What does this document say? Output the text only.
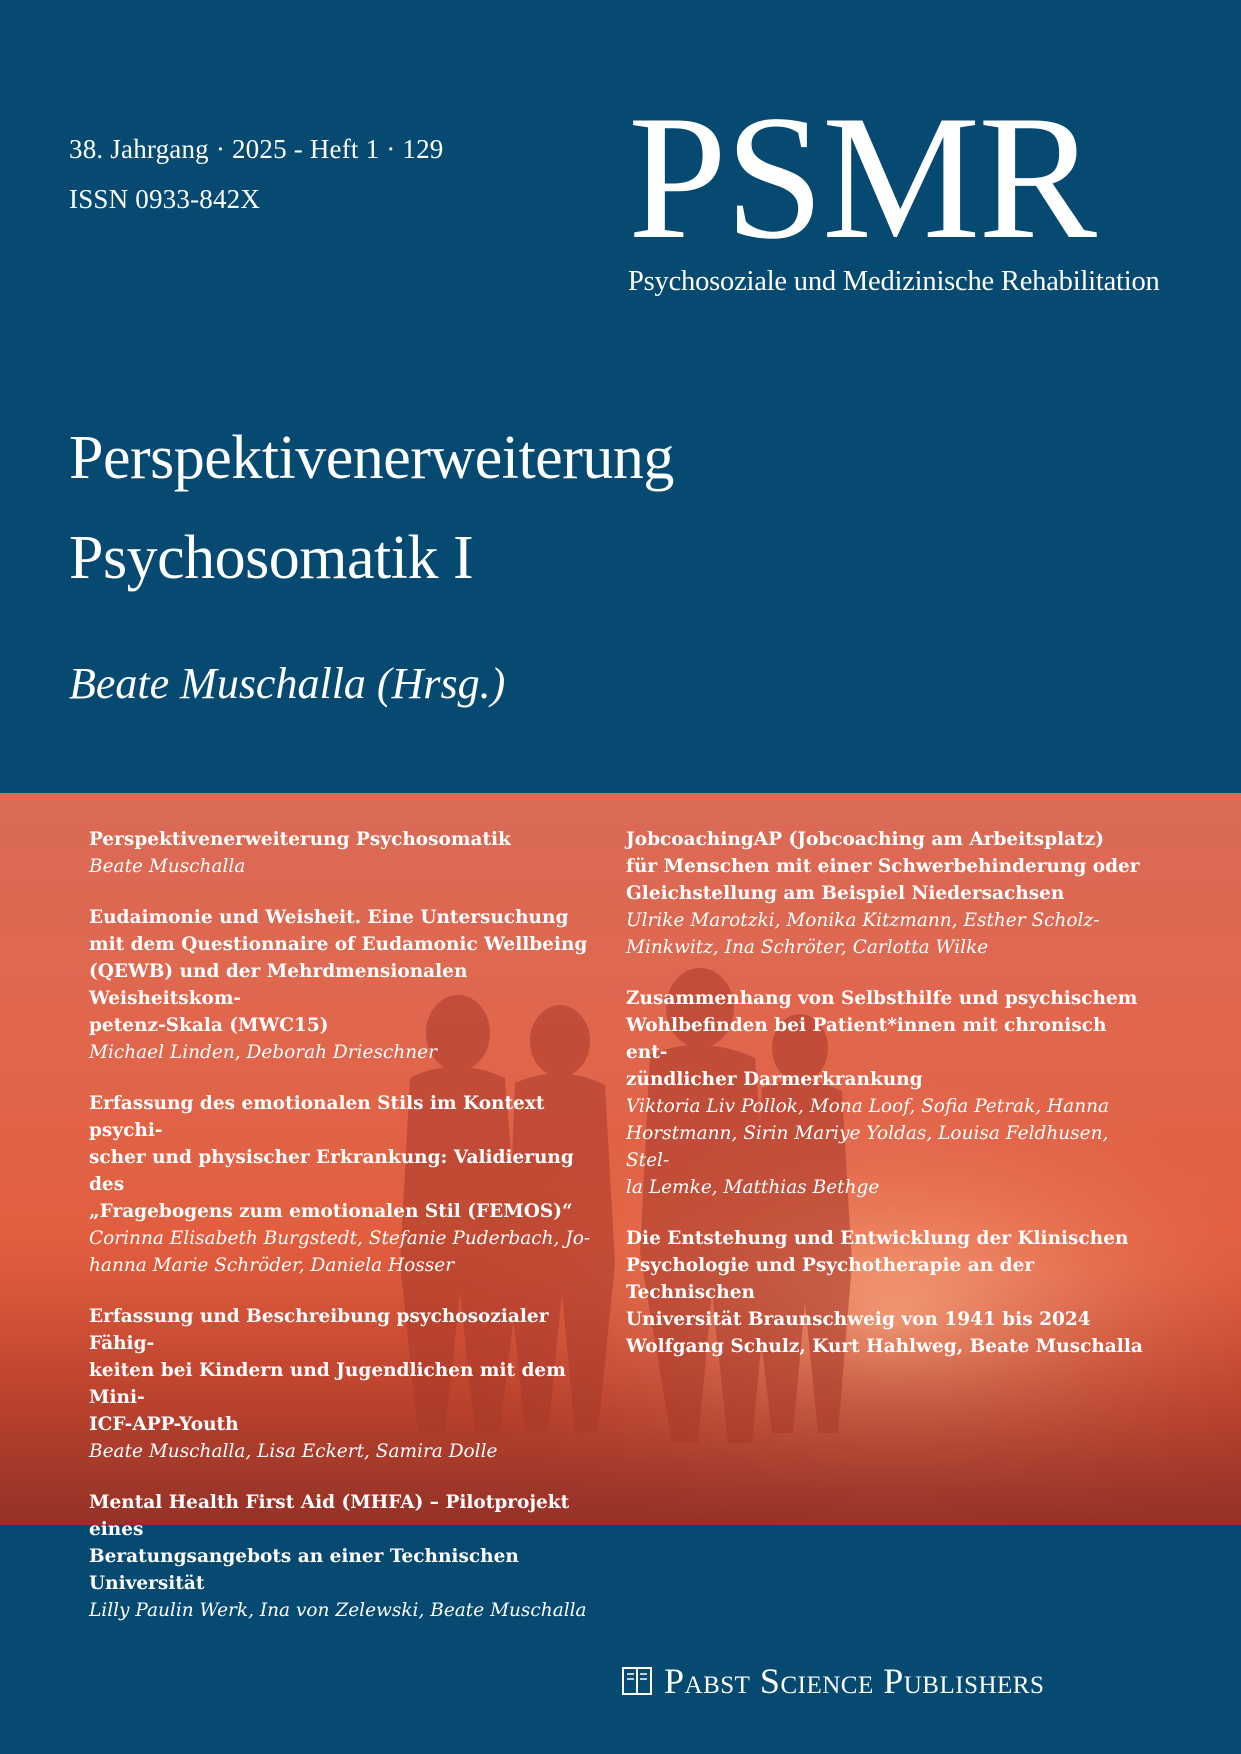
38. Jahrgang · 2025 - Heft 1 · 129
ISSN 0933-842X	PSMR
Psychosoziale und Medizinische Rehabilitation
Perspektivenerweiterung
Psychosomatik I
Beate Muschalla (Hrsg.)
Perspektivenerweiterung Psychosomatik
Beate Muschalla
Eudaimonie und Weisheit. Eine Untersuchung
mit dem Questionnaire of Eudamonic Wellbeing
(QEWB) und der Mehrdmensionalen Weisheitskom-
petenz-Skala (MWC15)
Michael Linden, Deborah Drieschner
Erfassung des emotionalen Stils im Kontext psychi-
scher und physischer Erkrankung: Validierung des
„Fragebogens zum emotionalen Stil (FEMOS)“
Corinna Elisabeth Burgstedt, Stefanie Puderbach, Jo-
hanna Marie Schröder, Daniela Hosser
Erfassung und Beschreibung psychosozialer Fähig-
keiten bei Kindern und Jugendlichen mit dem Mini-
ICF-APP-Youth
Beate Muschalla, Lisa Eckert, Samira Dolle
Mental Health First Aid (MHFA) – Pilotprojekt eines
Beratungsangebots an einer Technischen Universität
Lilly Paulin Werk, Ina von Zelewski, Beate Muschalla
JobcoachingAP (Jobcoaching am Arbeitsplatz)
für Menschen mit einer Schwerbehinderung oder
Gleichstellung am Beispiel Niedersachsen
Ulrike Marotzki, Monika Kitzmann, Esther Scholz-
Minkwitz, Ina Schröter, Carlotta Wilke
Zusammenhang von Selbsthilfe und psychischem
Wohlbefinden bei Patient*innen mit chronisch ent-
zündlicher Darmerkrankung
Viktoria Liv Pollok, Mona Loof, Sofia Petrak, Hanna
Horstmann, Sirin Mariye Yoldas, Louisa Feldhusen, Stel-
la Lemke, Matthias Bethge
Die Entstehung und Entwicklung der Klinischen
Psychologie und Psychotherapie an der Technischen
Universität Braunschweig von 1941 bis 2024
Wolfgang Schulz, Kurt Hahlweg, Beate Muschalla
Pabst Science Publishers
